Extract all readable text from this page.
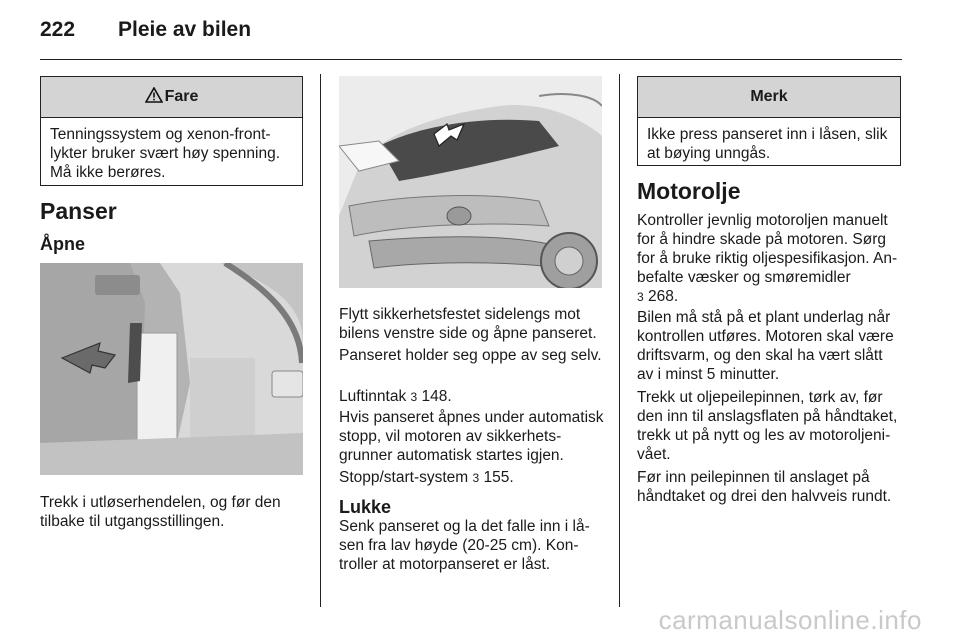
222 Pleie av bilen
Fare
Tenningssystem og xenon-frontlykter bruker svært høy spenning. Må ikke berøres.
Panser
Åpne

Trekk i utløserhendelen, og før den tilbake til utgangsstillingen.

Flytt sikkerhetsfestet sidelengs mot bilens venstre side og åpne panseret.

Panseret holder seg oppe av seg selv.

Luftinntak 3 148.

Hvis panseret åpnes under automatisk stopp, vil motoren av sikkerhetsgrunner automatisk startes igjen.

Stopp/start-system 3 155.

Lukke

Senk panseret og la det falle inn i låsen fra lav høyde (20-25 cm). Kontroller at motorpanseret er låst.

Merk
Ikke press panseret inn i låsen, slik at bøying unngås.
Motorolje

Kontroller jevnlig motoroljen manuelt for å hindre skade på motoren. Sørg for å bruke riktig oljespesifikasjon. Anbefalte væsker og smøremidler
3 268.

Bilen må stå på et plant underlag når kontrollen utføres. Motoren skal være driftsvarm, og den skal ha vært slått av i minst 5 minutter.

Trekk ut oljepeilepinnen, tørk av, før den inn til anslagsflaten på håndtaket, trekk ut på nytt og les av motoroljenivået.

Før inn peilepinnen til anslaget på håndtaket og drei den halvveis rundt.

carmanualsonline.info
